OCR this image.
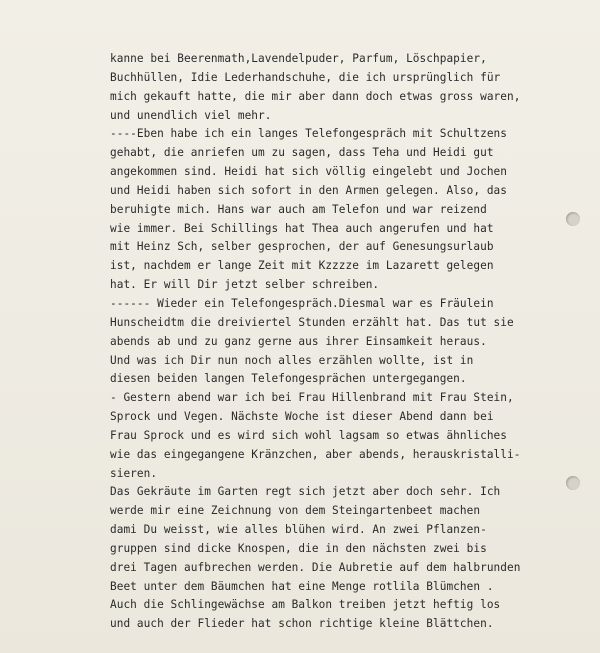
kanne bei Beerenmath,Lavendelpuder, Parfum, Löschpapier,
Buchhüllen, Idie Lederhandschuhe, die ich ursprünglich für
mich gekauft hatte, die mir aber dann doch etwas gross waren,
und unendlich viel mehr.
----Eben habe ich ein langes Telefongespräch mit Schultzens
gehabt, die anriefen um zu sagen, dass Teha und Heidi gut
angekommen sind. Heidi hat sich völlig eingelebt und Jochen
und Heidi haben sich sofort in den Armen gelegen. Also, das
beruhigte mich. Hans war auch am Telefon und war reizend
wie immer. Bei Schillings hat Thea auch angerufen und hat
mit Heinz Sch, selber gesprochen, der auf Genesungsurlaub
ist, nachdem er lange Zeit mit Kzzzze im Lazarett gelegen
hat. Er will Dir jetzt selber schreiben.
------ Wieder ein Telefongespräch.Diesmal war es Fräulein
Hunscheidtm die dreiviertel Stunden erzählt hat. Das tut sie
abends ab und zu ganz gerne aus ihrer Einsamkeit heraus.
Und was ich Dir nun noch alles erzählen wollte, ist in
diesen beiden langen Telefongesprächen untergegangen.
- Gestern abend war ich bei Frau Hillenbrand mit Frau Stein,
Sprock und Vegen. Nächste Woche ist dieser Abend dann bei
Frau Sprock und es wird sich wohl lagsam so etwas ähnliches
wie das eingegangene Kränzchen, aber abends, herauskristalli-
sieren.
Das Gekräute im Garten regt sich jetzt aber doch sehr. Ich
werde mir eine Zeichnung von dem Steingartenbeet machen
dami Du weisst, wie alles blühen wird. An zwei Pflanzen-
gruppen sind dicke Knospen, die in den nächsten zwei bis
drei Tagen aufbrechen werden. Die Aubretie auf dem halbrunden
Beet unter dem Bäumchen hat eine Menge rotlila Blümchen .
Auch die Schlingewächse am Balkon treiben jetzt heftig los
und auch der Flieder hat schon richtige kleine Blättchen.
